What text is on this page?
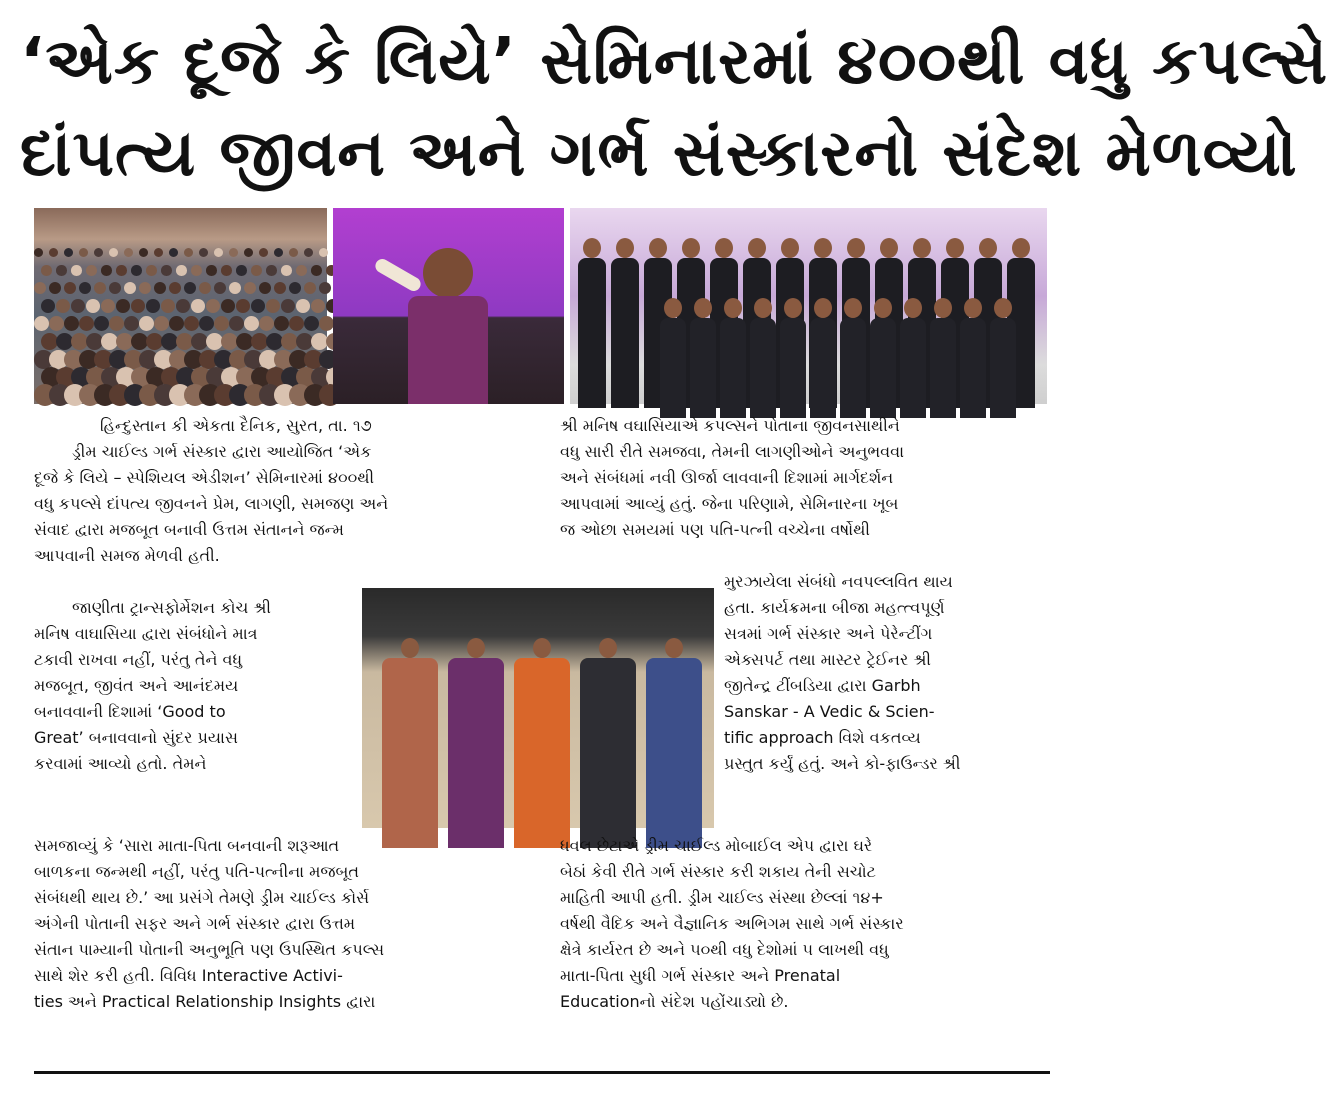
‘એક દૂજે કે લિયે’ સેમિનારમાં ૪૦૦થી વધુ કપલ્સે
દાંપત્ય જીવન અને ગર્ભ સંસ્કારનો સંદેશ મેળવ્યો
હિન્દુસ્તાન કી એકતા દૈનિક, સુરત, તા. ૧૭
ડ્રીમ ચાઈલ્ડ ગર્ભ સંસ્કાર દ્વારા આયોજિત ‘એક
દૂજે કે લિયે – સ્પેશિયલ એડીશન’ સેમિનારમાં ૪૦૦થી
વધુ કપલ્સે દાંપત્ય જીવનને પ્રેમ, લાગણી, સમજણ અને
સંવાદ દ્વારા મજબૂત બનાવી ઉત્તમ સંતાનને જન્મ
આપવાની સમજ મેળવી હતી.
જાણીતા ટ્રાન્સફોર્મેશન કોચ શ્રી
મનિષ વાઘાસિયા દ્વારા સંબંધોને માત્ર
ટકાવી રાખવા નહીં, પરંતુ તેને વધુ
મજબૂત, જીવંત અને આનંદમય
બનાવવાની દિશામાં ‘Good to
Great’ બનાવવાનો સુંદર પ્રયાસ
કરવામાં આવ્યો હતો. તેમને
સમજાવ્યું કે ‘સારા માતા-પિતા બનવાની શરૂઆત
બાળકના જન્મથી નહીં, પરંતુ પતિ-પત્નીના મજબૂત
સંબંધથી થાય છે.’ આ પ્રસંગે તેમણે ડ્રીમ ચાઈલ્ડ કોર્સ
અંગેની પોતાની સફર અને ગર્ભ સંસ્કાર દ્વારા ઉત્તમ
સંતાન પામ્યાની પોતાની અનુભૂતિ પણ ઉપસ્થિત કપલ્સ
સાથે શેર કરી હતી. વિવિધ Interactive Activi-
ties અને Practical Relationship Insights દ્વારા
શ્રી મનિષ વઘાસિયાએ કપલ્સને પોતાના જીવનસાથીને
વધુ સારી રીતે સમજવા, તેમની લાગણીઓને અનુભવવા
અને સંબંધમાં નવી ઊર્જા લાવવાની દિશામાં માર્ગદર્શન
આપવામાં આવ્યું હતું. જેના પરિણામે, સેમિનારના ખૂબ
જ ઓછા સમયમાં પણ પતિ-પત્ની વચ્ચેના વર્ષોથી
મુરઝાયેલા સંબંધો નવપલ્લવિત થાય
હતા. કાર્યક્રમના બીજા મહત્ત્વપૂર્ણ
સત્રમાં ગર્ભ સંસ્કાર અને પેરેન્ટીંગ
એક્સપર્ટ તથા માસ્ટર ટ્રેઈનર શ્રી
જીતેન્દ્ર ટીંબડિયા દ્વારા Garbh
Sanskar - A Vedic & Scien-
tific approach વિશે વકતવ્ય
પ્રસ્તુત કર્યું હતું. અને કો-ફાઉન્ડર શ્રી
ધવલ છેટાએ ડ્રીમ ચાઈલ્ડ મોબાઈલ એપ દ્વારા ઘરે
બેઠાં કેવી રીતે ગર્ભ સંસ્કાર કરી શકાય તેની સચોટ
માહિતી આપી હતી. ડ્રીમ ચાઈલ્ડ સંસ્થા છેલ્લાં ૧૪+
વર્ષથી વૈદિક અને વૈજ્ઞાનિક અભિગમ સાથે ગર્ભ સંસ્કાર
ક્ષેત્રે કાર્યરત છે અને ૫૦થી વધુ દેશોમાં ૫ લાખથી વધુ
માતા-પિતા સુધી ગર્ભ સંસ્કાર અને Prenatal
Educationનો સંદેશ પહોંચાડ્યો છે.
